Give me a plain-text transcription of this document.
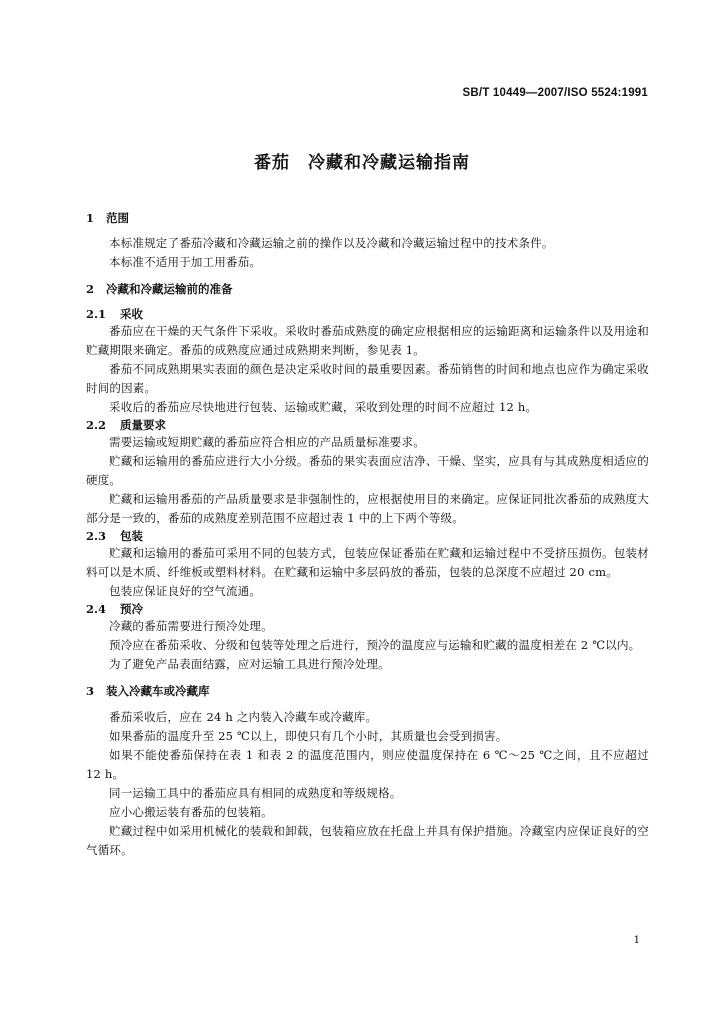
SB/T 10449—2007/ISO 5524:1991
番茄 冷藏和冷藏运输指南
1 范围

本标准规定了番茄冷藏和冷藏运输之前的操作以及冷藏和冷藏运输过程中的技术条件。

本标准不适用于加工用番茄。

2 冷藏和冷藏运输前的准备
2.1 采收

番茄应在干燥的天气条件下采收。采收时番茄成熟度的确定应根据相应的运输距离和运输条件以及用途和贮藏期限来确定。番茄的成熟度应通过成熟期来判断，参见表 1。

番茄不同成熟期果实表面的颜色是决定采收时间的最重要因素。番茄销售的时间和地点也应作为确定采收时间的因素。

采收后的番茄应尽快地进行包装、运输或贮藏，采收到处理的时间不应超过 12 h。

2.2 质量要求

需要运输或短期贮藏的番茄应符合相应的产品质量标准要求。

贮藏和运输用的番茄应进行大小分级。番茄的果实表面应洁净、干燥、坚实，应具有与其成熟度相适应的硬度。

贮藏和运输用番茄的产品质量要求是非强制性的，应根据使用目的来确定。应保证同批次番茄的成熟度大部分是一致的，番茄的成熟度差别范围不应超过表 1 中的上下两个等级。

2.3 包装

贮藏和运输用的番茄可采用不同的包装方式，包装应保证番茄在贮藏和运输过程中不受挤压损伤。包装材料可以是木质、纤维板或塑料材料。在贮藏和运输中多层码放的番茄，包装的总深度不应超过 20 cm。

包装应保证良好的空气流通。

2.4 预冷

冷藏的番茄需要进行预冷处理。

预冷应在番茄采收、分级和包装等处理之后进行，预冷的温度应与运输和贮藏的温度相差在 2 ℃以内。

为了避免产品表面结露，应对运输工具进行预冷处理。

3 装入冷藏车或冷藏库

番茄采收后，应在 24 h 之内装入冷藏车或冷藏库。

如果番茄的温度升至 25 ℃以上，即使只有几个小时，其质量也会受到损害。

如果不能使番茄保持在表 1 和表 2 的温度范围内，则应使温度保持在 6 ℃～25 ℃之间，且不应超过 12 h。

同一运输工具中的番茄应具有相同的成熟度和等级规格。

应小心搬运装有番茄的包装箱。

贮藏过程中如采用机械化的装载和卸载，包装箱应放在托盘上并具有保护措施。冷藏室内应保证良好的空气循环。

1
